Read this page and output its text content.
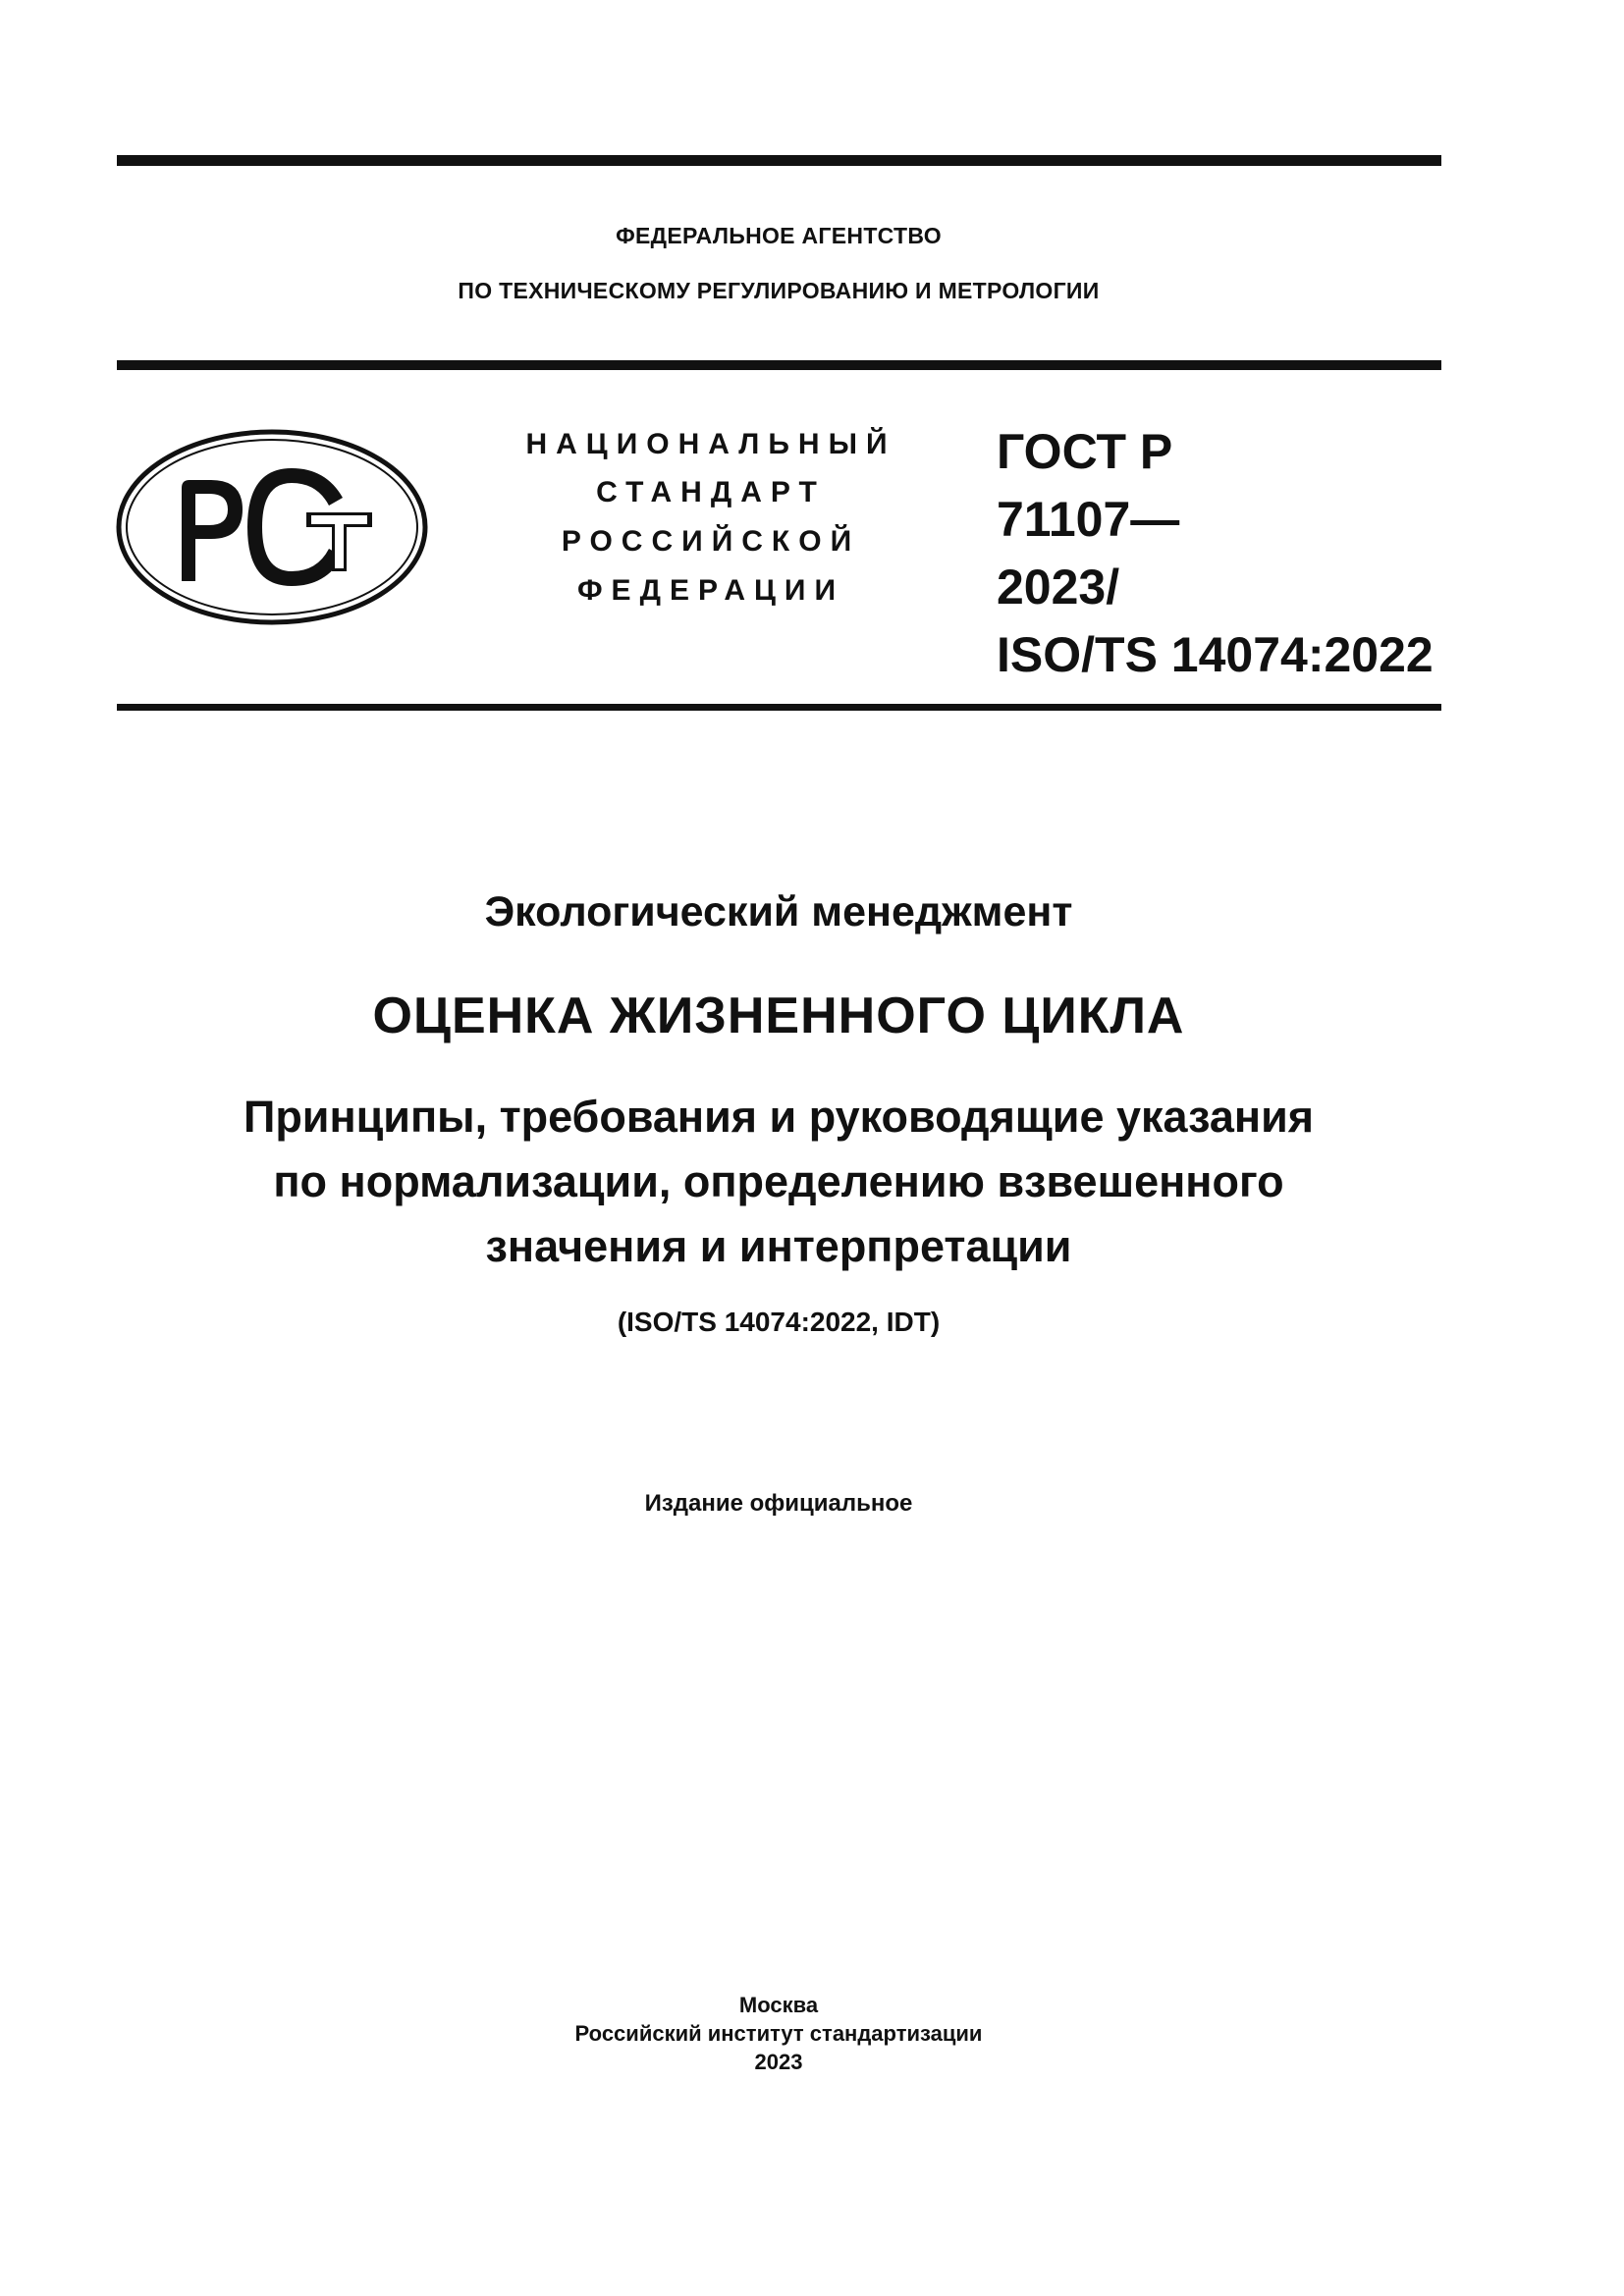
ФЕДЕРАЛЬНОЕ АГЕНТСТВО
ПО ТЕХНИЧЕСКОМУ РЕГУЛИРОВАНИЮ И МЕТРОЛОГИИ
НАЦИОНАЛЬНЫЙ
СТАНДАРТ
РОССИЙСКОЙ
ФЕДЕРАЦИИ
ГОСТ Р
71107—
2023/
ISO/TS 14074:2022
Экологический менеджмент
ОЦЕНКА ЖИЗНЕННОГО ЦИКЛА
Принципы, требования и руководящие указания
по нормализации, определению взвешенного
значения и интерпретации
(ISO/TS 14074:2022, IDT)
Издание официальное
Москва
Российский институт стандартизации
2023
